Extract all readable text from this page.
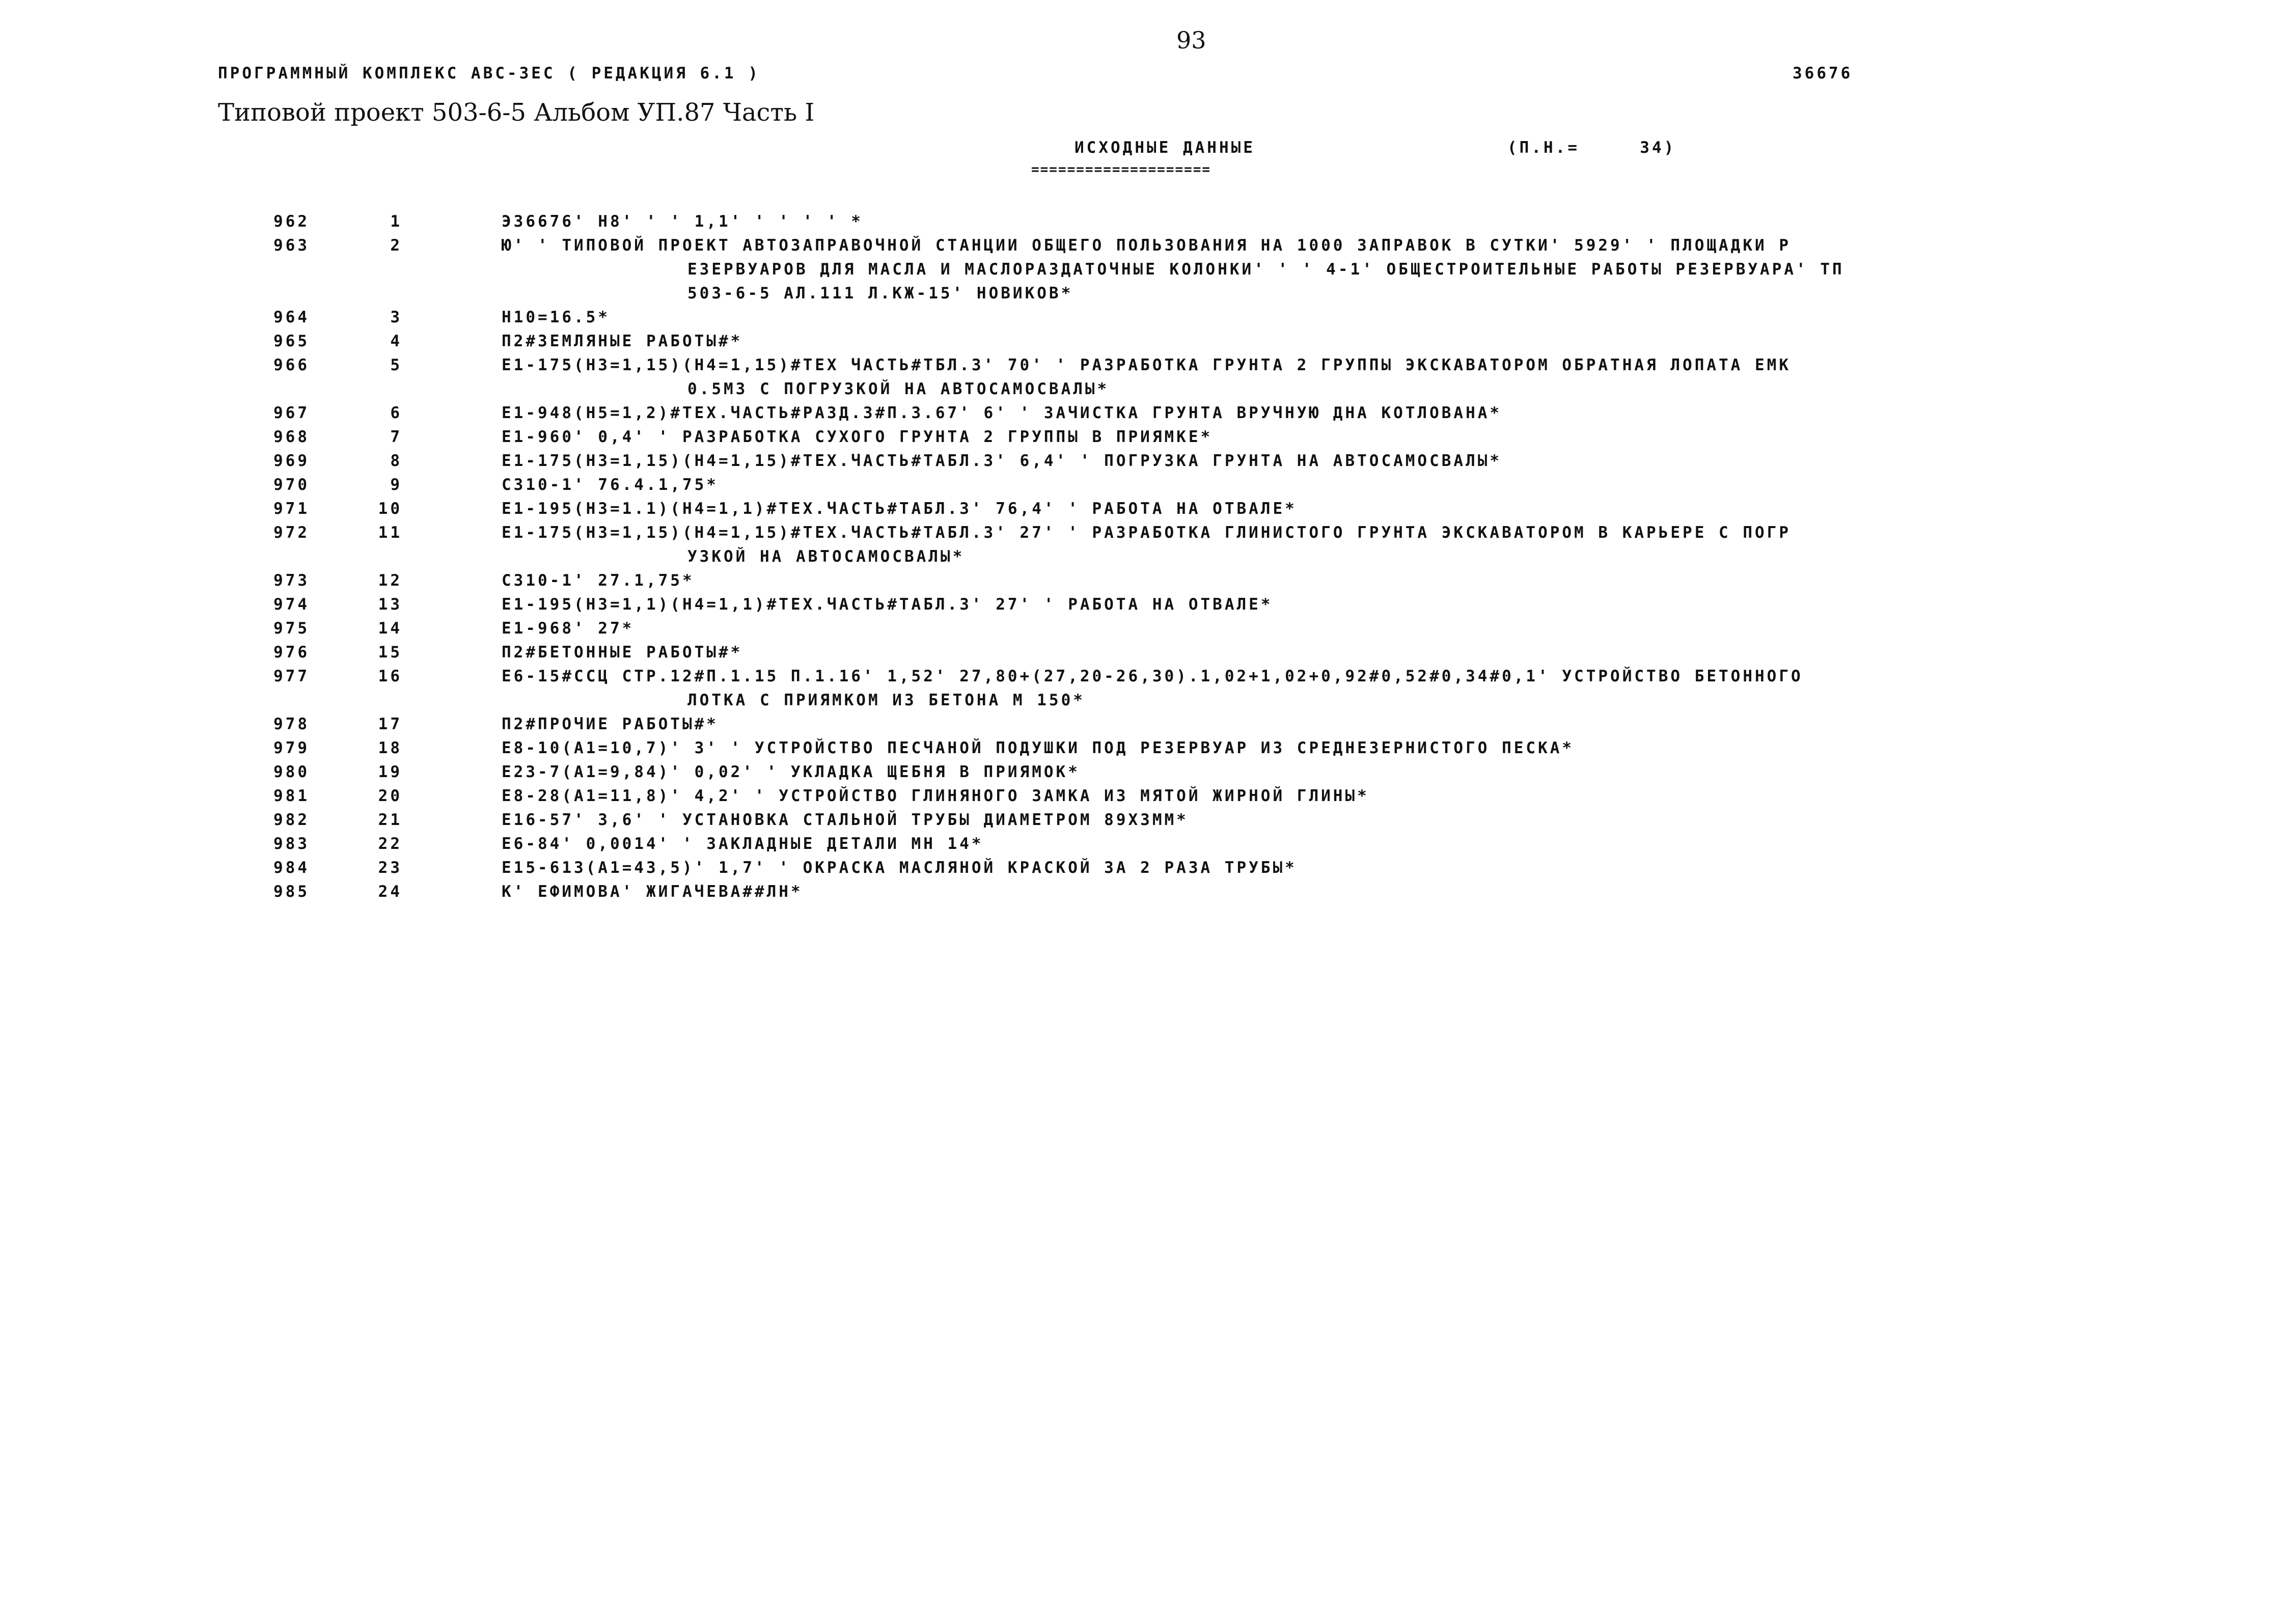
93
ПРОГРАММНЫЙ КОМПЛЕКС АВС-3ЕС ( РЕДАКЦИЯ 6.1 )	36676
Типовой проект 503-6-5 Альбом УП.87 Часть I
ИСХОДНЫЕ ДАННЫЕ	(П.Н.=     34)
====================
962	1	Э36676' Н8' ' ' 1,1' ' ' ' ' *
963	2	Ю' ' ТИПОВОЙ ПРОЕКТ АВТОЗАПРАВОЧНОЙ СТАНЦИИ ОБЩЕГО ПОЛЬЗОВАНИЯ НА 1000 ЗАПРАВОК В СУТКИ' 5929' ' ПЛОЩАДКИ Р
ЕЗЕРВУАРОВ ДЛЯ МАСЛА И МАСЛОРАЗДАТОЧНЫЕ КОЛОНКИ' ' ' 4-1' ОБЩЕСТРОИТЕЛЬНЫЕ РАБОТЫ РЕЗЕРВУАРА' ТП
503-6-5 АЛ.111 Л.КЖ-15' НОВИКОВ*
964	3	Н10=16.5*
965	4	П2#ЗЕМЛЯНЫЕ РАБОТЫ#*
966	5	Е1-175(Н3=1,15)(Н4=1,15)#ТЕХ ЧАСТЬ#ТБЛ.3' 70' ' РАЗРАБОТКА ГРУНТА 2 ГРУППЫ ЭКСКАВАТОРОМ ОБРАТНАЯ ЛОПАТА ЕМК
0.5М3 С ПОГРУЗКОЙ НА АВТОСАМОСВАЛЫ*
967	6	Е1-948(Н5=1,2)#ТЕХ.ЧАСТЬ#РАЗД.3#П.3.67' 6' ' ЗАЧИСТКА ГРУНТА ВРУЧНУЮ ДНА КОТЛОВАНА*
968	7	Е1-960' 0,4' ' РАЗРАБОТКА СУХОГО ГРУНТА 2 ГРУППЫ В ПРИЯМКЕ*
969	8	Е1-175(Н3=1,15)(Н4=1,15)#ТЕХ.ЧАСТЬ#ТАБЛ.3' 6,4' ' ПОГРУЗКА ГРУНТА НА АВТОСАМОСВАЛЫ*
970	9	С310-1' 76.4.1,75*
971	10	Е1-195(Н3=1.1)(Н4=1,1)#ТЕХ.ЧАСТЬ#ТАБЛ.3' 76,4' ' РАБОТА НА ОТВАЛЕ*
972	11	Е1-175(Н3=1,15)(Н4=1,15)#ТЕХ.ЧАСТЬ#ТАБЛ.3' 27' ' РАЗРАБОТКА ГЛИНИСТОГО ГРУНТА ЭКСКАВАТОРОМ В КАРЬЕРЕ С ПОГР
УЗКОЙ НА АВТОСАМОСВАЛЫ*
973	12	С310-1' 27.1,75*
974	13	Е1-195(Н3=1,1)(Н4=1,1)#ТЕХ.ЧАСТЬ#ТАБЛ.3' 27' ' РАБОТА НА ОТВАЛЕ*
975	14	Е1-968' 27*
976	15	П2#БЕТОННЫЕ РАБОТЫ#*
977	16	Е6-15#ССЦ СТР.12#П.1.15 П.1.16' 1,52' 27,80+(27,20-26,30).1,02+1,02+0,92#0,52#0,34#0,1' УСТРОЙСТВО БЕТОННОГО
ЛОТКА С ПРИЯМКОМ ИЗ БЕТОНА М 150*
978	17	П2#ПРОЧИЕ РАБОТЫ#*
979	18	Е8-10(А1=10,7)' 3' ' УСТРОЙСТВО ПЕСЧАНОЙ ПОДУШКИ ПОД РЕЗЕРВУАР ИЗ СРЕДНЕЗЕРНИСТОГО ПЕСКА*
980	19	Е23-7(А1=9,84)' 0,02' ' УКЛАДКА ЩЕБНЯ В ПРИЯМОК*
981	20	Е8-28(А1=11,8)' 4,2' ' УСТРОЙСТВО ГЛИНЯНОГО ЗАМКА ИЗ МЯТОЙ ЖИРНОЙ ГЛИНЫ*
982	21	Е16-57' 3,6' ' УСТАНОВКА СТАЛЬНОЙ ТРУБЫ ДИАМЕТРОМ 89Х3ММ*
983	22	Е6-84' 0,0014' ' ЗАКЛАДНЫЕ ДЕТАЛИ МН 14*
984	23	Е15-613(А1=43,5)' 1,7' ' ОКРАСКА МАСЛЯНОЙ КРАСКОЙ ЗА 2 РАЗА ТРУБЫ*
985	24	К' ЕФИМОВА' ЖИГАЧЕВА##ЛН*
